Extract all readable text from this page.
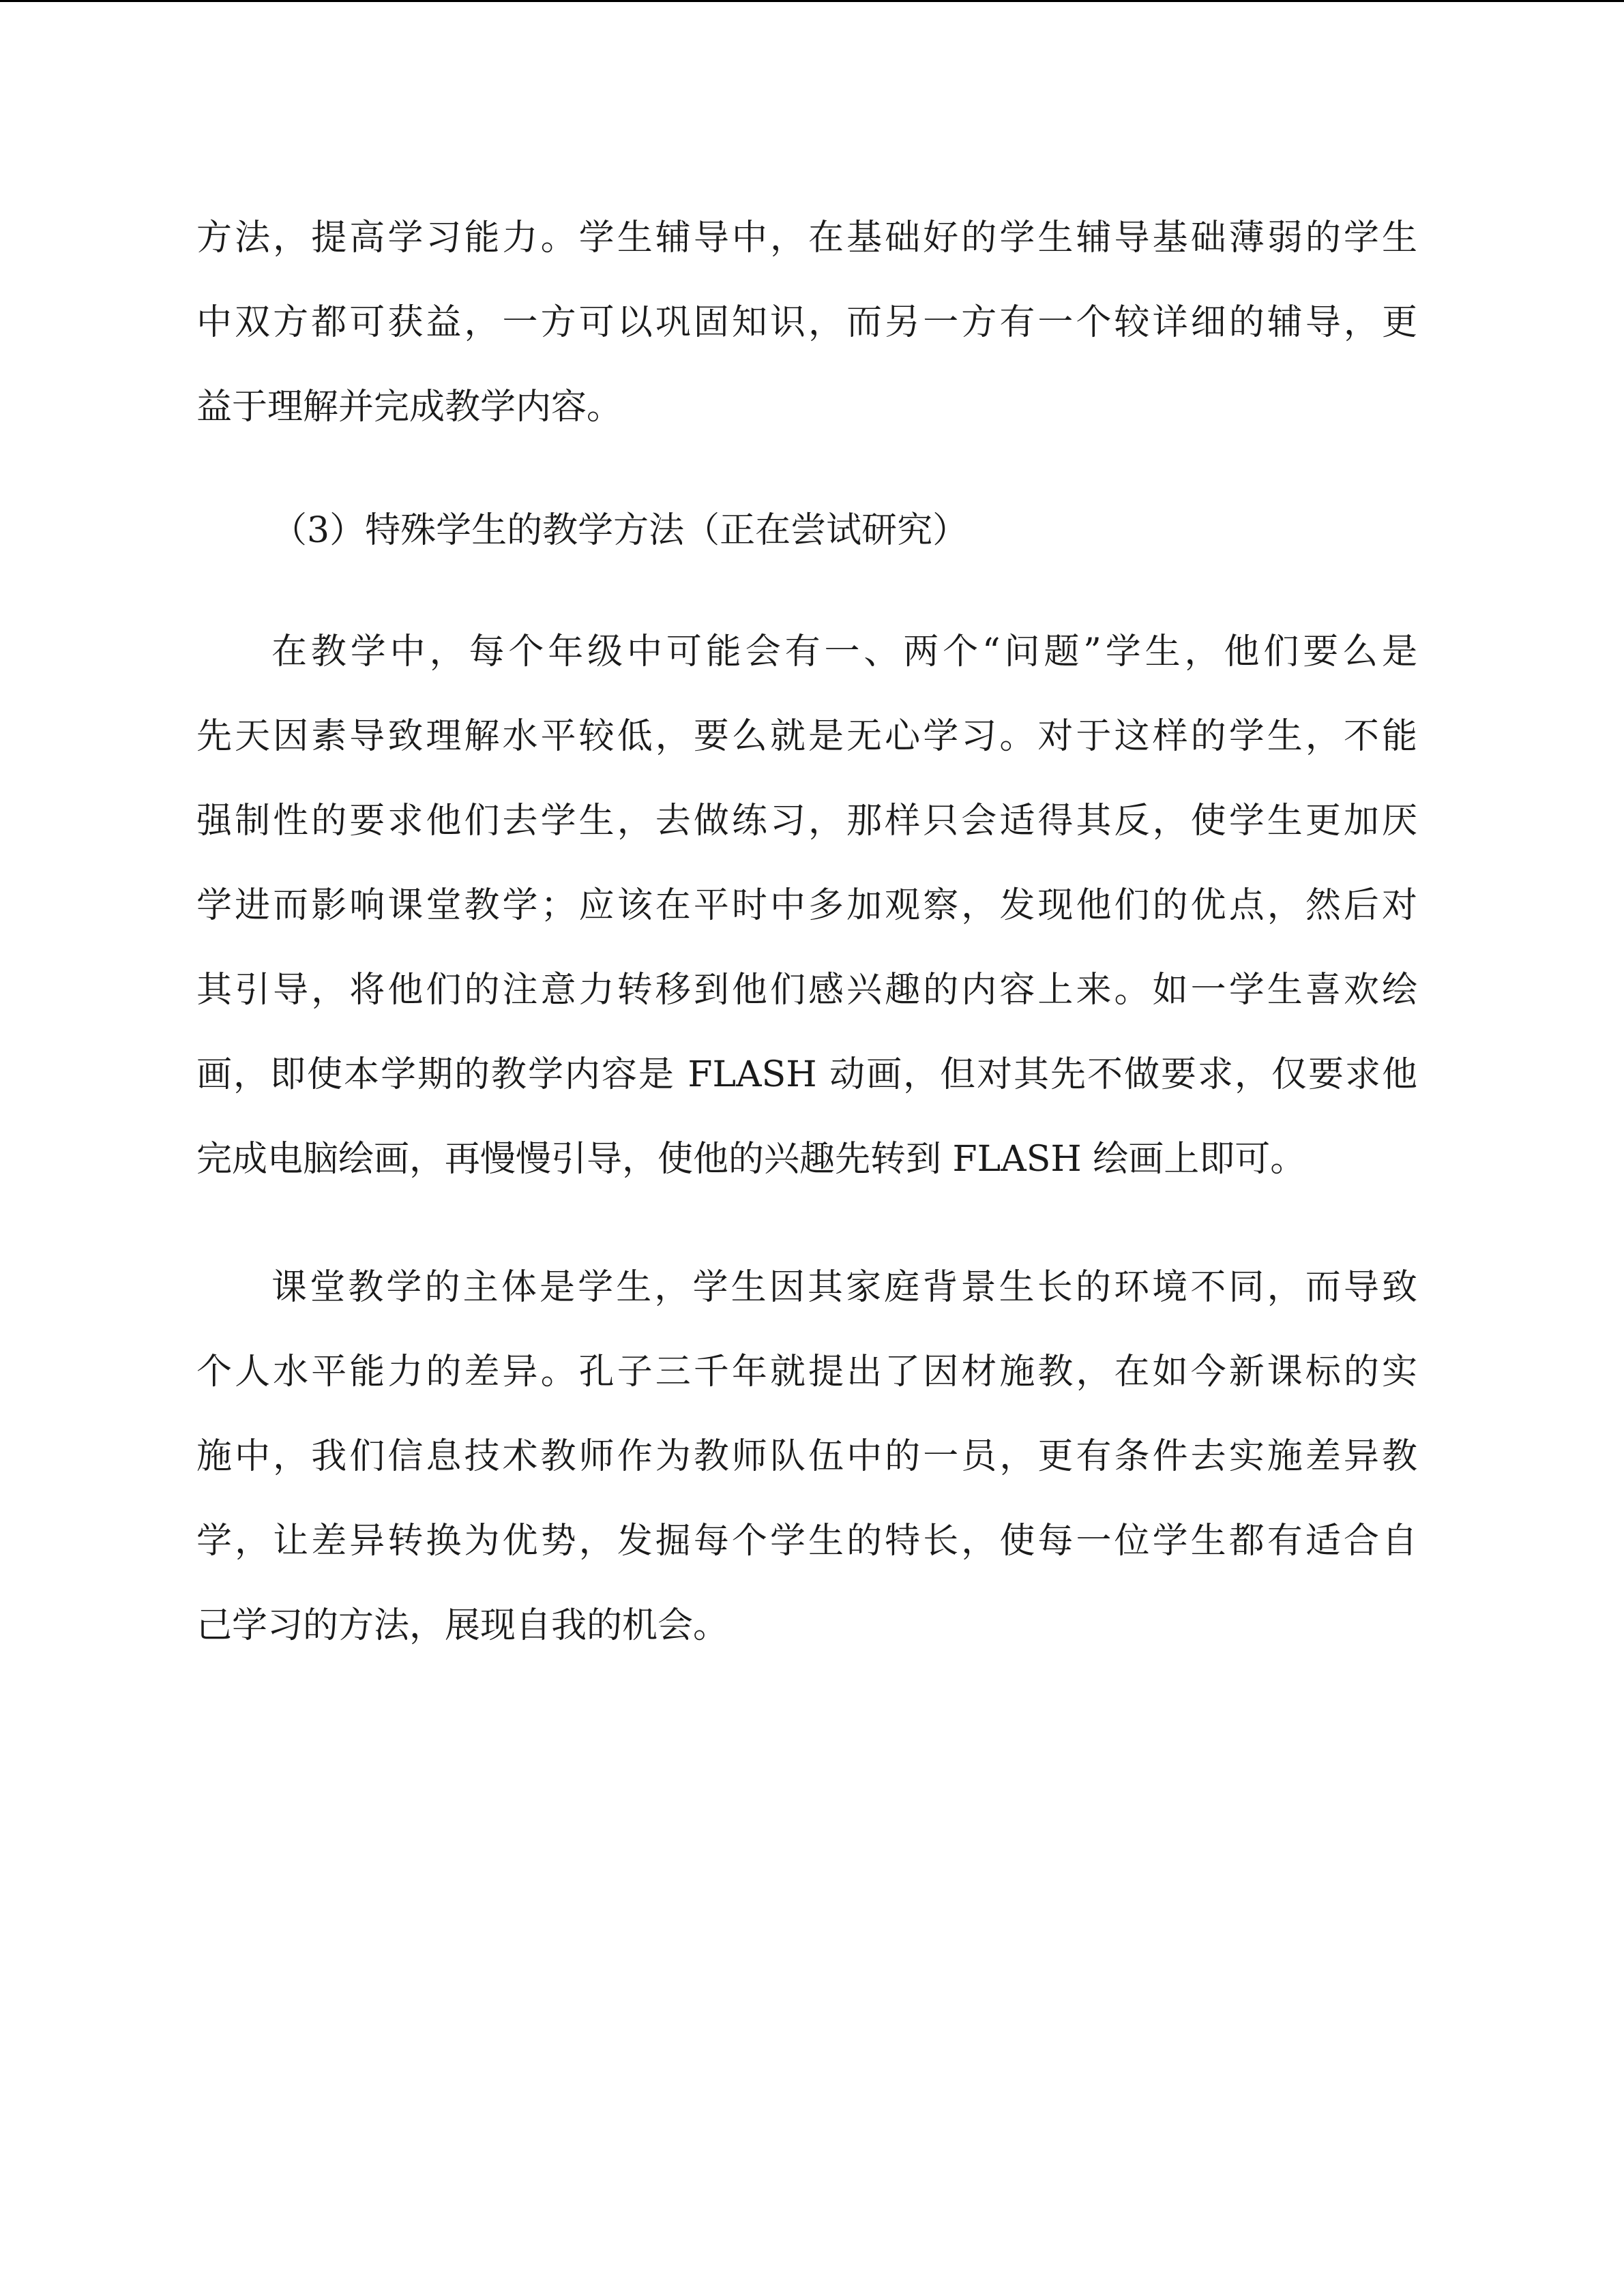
方法，提高学习能力。学生辅导中，在基础好的学生辅导基础薄弱的学生
中双方都可获益，一方可以巩固知识，而另一方有一个较详细的辅导，更
益于理解并完成教学内容。
（3）特殊学生的教学方法（正在尝试研究）
在教学中，每个年级中可能会有一、两个“问题”学生，他们要么是
先天因素导致理解水平较低，要么就是无心学习。对于这样的学生，不能
强制性的要求他们去学生，去做练习，那样只会适得其反，使学生更加厌
学进而影响课堂教学；应该在平时中多加观察，发现他们的优点，然后对
其引导，将他们的注意力转移到他们感兴趣的内容上来。如一学生喜欢绘
画，即使本学期的教学内容是 FLASH 动画，但对其先不做要求，仅要求他
完成电脑绘画，再慢慢引导，使他的兴趣先转到 FLASH 绘画上即可。
课堂教学的主体是学生，学生因其家庭背景生长的环境不同，而导致
个人水平能力的差异。孔子三千年就提出了因材施教，在如今新课标的实
施中，我们信息技术教师作为教师队伍中的一员，更有条件去实施差异教
学，让差异转换为优势，发掘每个学生的特长，使每一位学生都有适合自
己学习的方法，展现自我的机会。
